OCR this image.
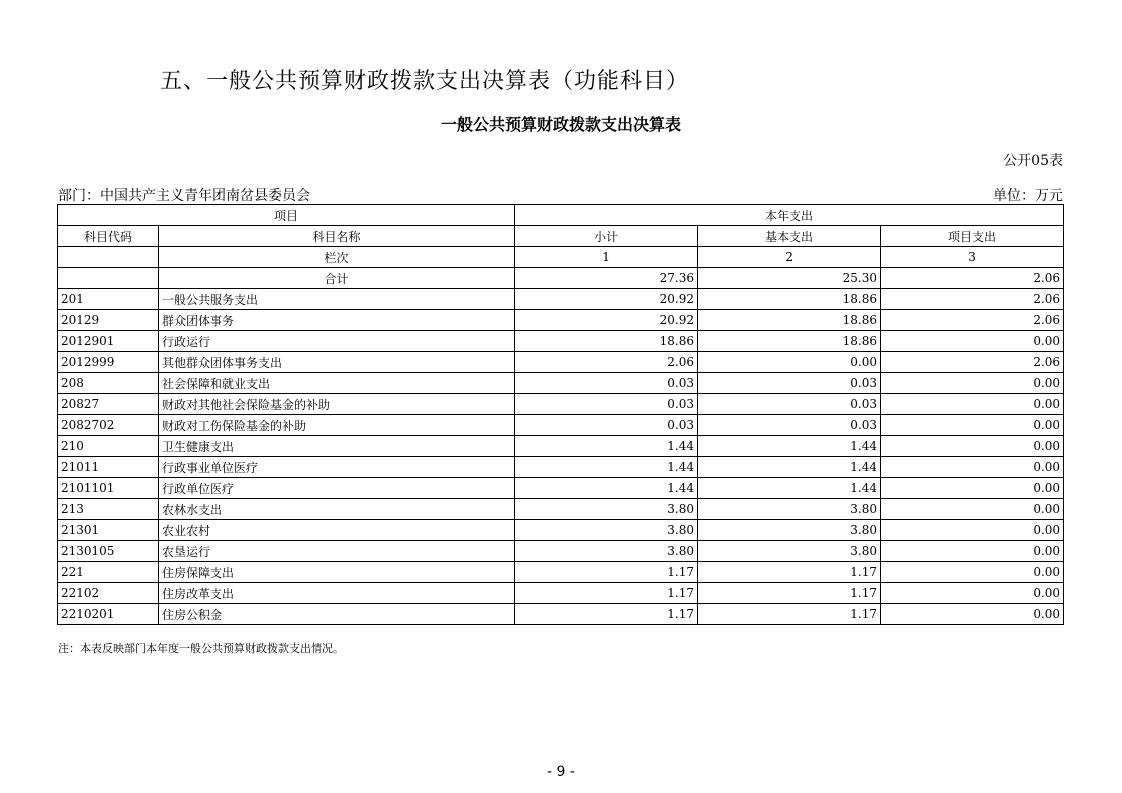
五、一般公共预算财政拨款支出决算表（功能科目）
一般公共预算财政拨款支出决算表
公开05表
部门：中国共产主义青年团南岔县委员会	单位：万元
项目		本年支出		
科目代码	科目名称	小计	基本支出	项目支出
	栏次	1	2	3
	合计	27.36	25.30	2.06
201	一般公共服务支出	20.92	18.86	2.06
20129	群众团体事务	20.92	18.86	2.06
2012901	行政运行	18.86	18.86	0.00
2012999	其他群众团体事务支出	2.06	0.00	2.06
208	社会保障和就业支出	0.03	0.03	0.00
20827	财政对其他社会保险基金的补助	0.03	0.03	0.00
2082702	财政对工伤保险基金的补助	0.03	0.03	0.00
210	卫生健康支出	1.44	1.44	0.00
21011	行政事业单位医疗	1.44	1.44	0.00
2101101	行政单位医疗	1.44	1.44	0.00
213	农林水支出	3.80	3.80	0.00
21301	农业农村	3.80	3.80	0.00
2130105	农垦运行	3.80	3.80	0.00
221	住房保障支出	1.17	1.17	0.00
22102	住房改革支出	1.17	1.17	0.00
2210201	住房公积金	1.17	1.17	0.00
注：本表反映部门本年度一般公共预算财政拨款支出情况。
- 9 -
